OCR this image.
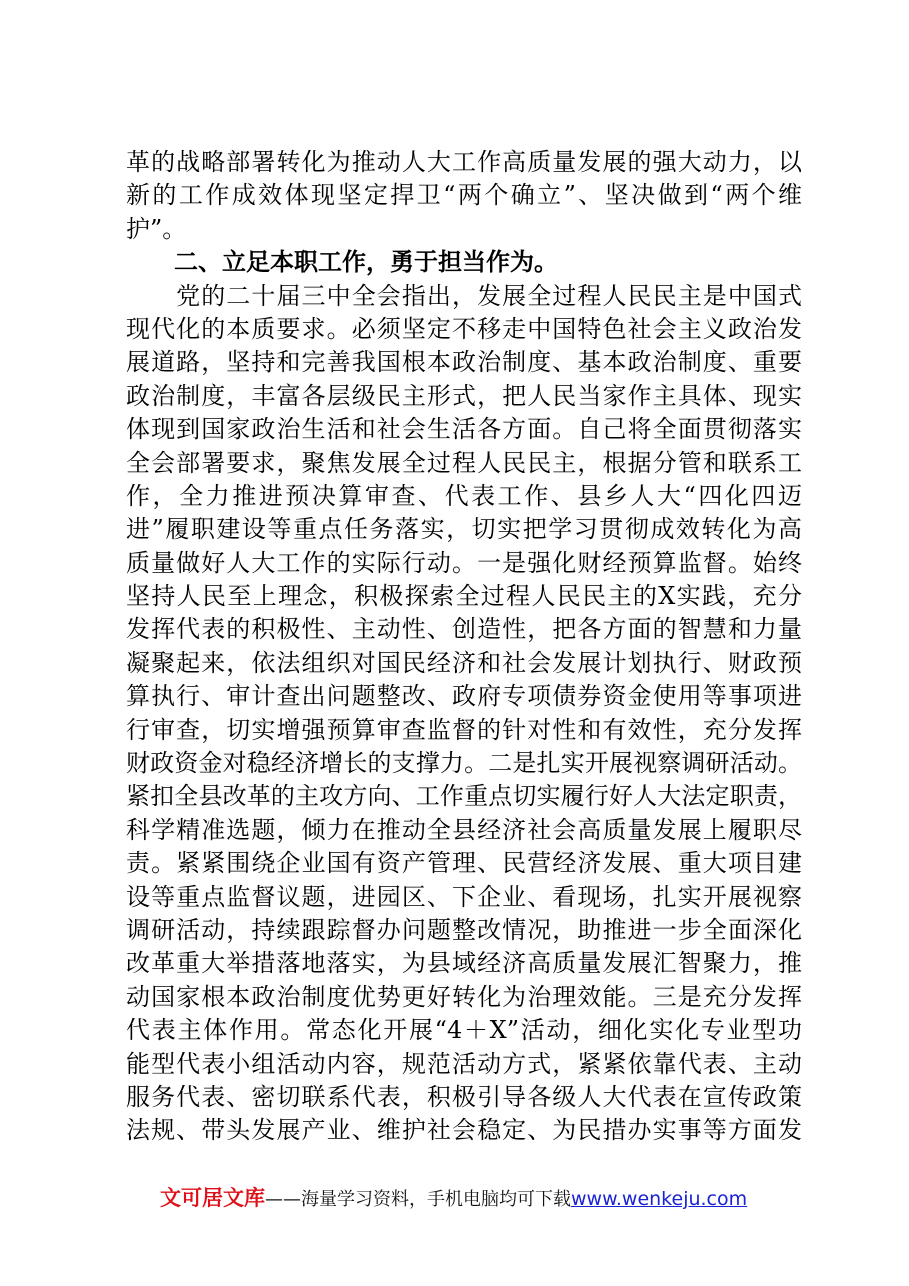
革的战略部署转化为推动人大工作高质量发展的强大动力，以
新的工作成效体现坚定捍卫“两个确立”、坚决做到“两个维
护”。
　　二、立足本职工作，勇于担当作为。
　　党的二十届三中全会指出，发展全过程人民民主是中国式
现代化的本质要求。必须坚定不移走中国特色社会主义政治发
展道路，坚持和完善我国根本政治制度、基本政治制度、重要
政治制度，丰富各层级民主形式，把人民当家作主具体、现实
体现到国家政治生活和社会生活各方面。自己将全面贯彻落实
全会部署要求，聚焦发展全过程人民民主，根据分管和联系工
作，全力推进预决算审查、代表工作、县乡人大“四化四迈
进”履职建设等重点任务落实，切实把学习贯彻成效转化为高
质量做好人大工作的实际行动。一是强化财经预算监督。始终
坚持人民至上理念，积极探索全过程人民民主的X实践，充分
发挥代表的积极性、主动性、创造性，把各方面的智慧和力量
凝聚起来，依法组织对国民经济和社会发展计划执行、财政预
算执行、审计查出问题整改、政府专项债券资金使用等事项进
行审查，切实增强预算审查监督的针对性和有效性，充分发挥
财政资金对稳经济增长的支撑力。二是扎实开展视察调研活动。
紧扣全县改革的主攻方向、工作重点切实履行好人大法定职责，
科学精准选题，倾力在推动全县经济社会高质量发展上履职尽
责。紧紧围绕企业国有资产管理、民营经济发展、重大项目建
设等重点监督议题，进园区、下企业、看现场，扎实开展视察
调研活动，持续跟踪督办问题整改情况，助推进一步全面深化
改革重大举措落地落实，为县域经济高质量发展汇智聚力，推
动国家根本政治制度优势更好转化为治理效能。三是充分发挥
代表主体作用。常态化开展“4＋X”活动，细化实化专业型功
能型代表小组活动内容，规范活动方式，紧紧依靠代表、主动
服务代表、密切联系代表，积极引导各级人大代表在宣传政策
法规、带头发展产业、维护社会稳定、为民措办实事等方面发
文可居文库——海量学习资料，手机电脑均可下载www.wenkeju.com
